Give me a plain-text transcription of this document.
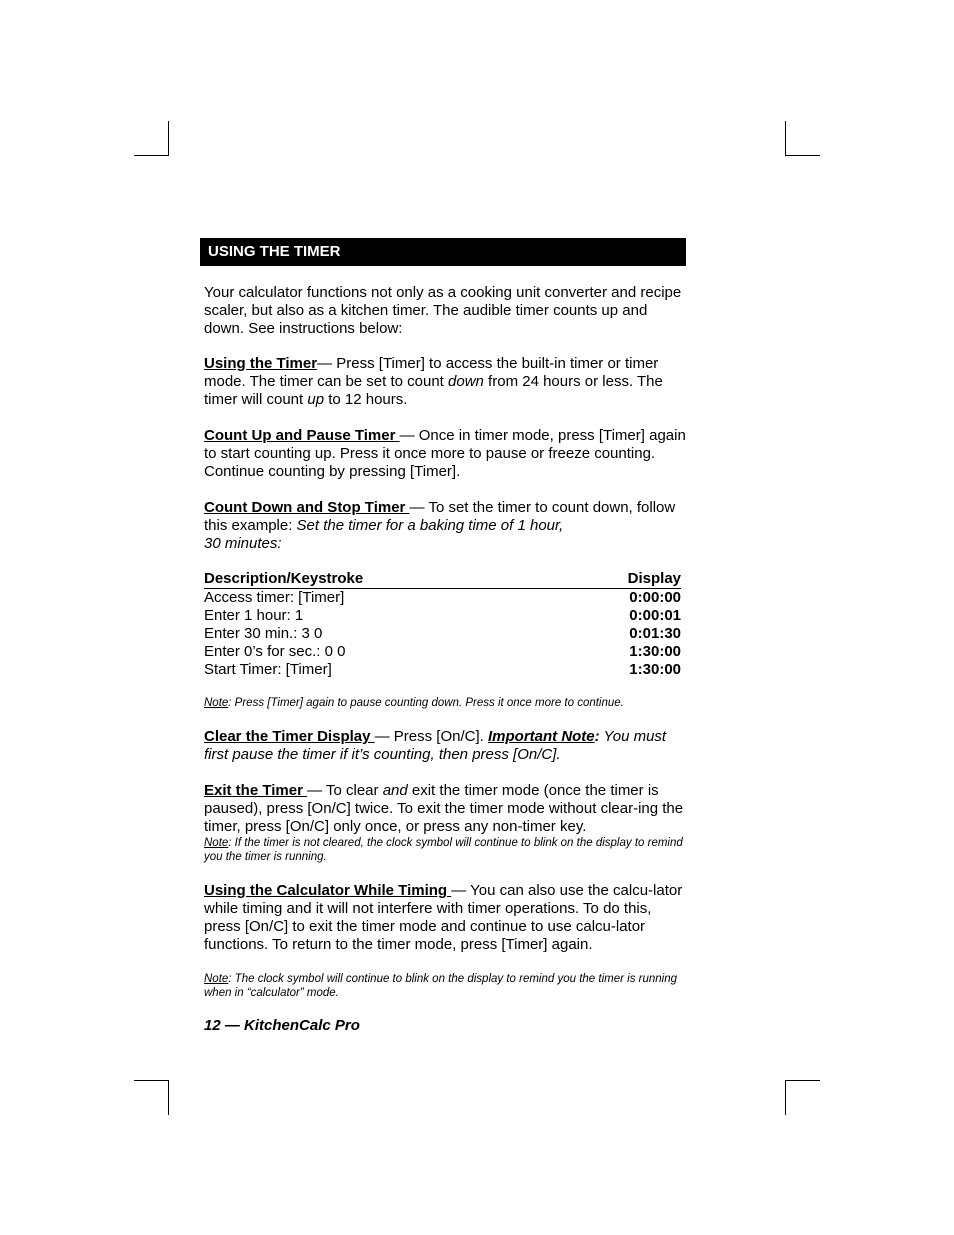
USING THE TIMER
Your calculator functions not only as a cooking unit converter and recipe scaler, but also as a kitchen timer. The audible timer counts up and down. See instructions below:
Using the Timer— Press [Timer] to access the built-in timer or timer mode. The timer can be set to count down from 24 hours or less. The timer will count up to 12 hours.
Count Up and Pause Timer — Once in timer mode, press [Timer] again to start counting up. Press it once more to pause or freeze counting. Continue counting by pressing [Timer].
Count Down and Stop Timer — To set the timer to count down, follow this example: Set the timer for a baking time of 1 hour,
30 minutes:
Description/Keystroke	Display
Access timer: [Timer]	0:00:00
Enter 1 hour: 1	0:00:01
Enter 30 min.: 3 0	0:01:30
Enter 0’s for sec.: 0 0	1:30:00
Start Timer: [Timer]	1:30:00
Note: Press [Timer] again to pause counting down. Press it once more to continue.
Clear the Timer Display — Press [On/C]. Important Note: You must first pause the timer if it’s counting, then press [On/C].
Exit the Timer — To clear and exit the timer mode (once the timer is paused), press [On/C] twice. To exit the timer mode without clear-ing the timer, press [On/C] only once, or press any non-timer key.
Note: If the timer is not cleared, the clock symbol will continue to blink on the display to remind you the timer is running.
Using the Calculator While Timing — You can also use the calcu-lator while timing and it will not interfere with timer operations. To do this, press [On/C] to exit the timer mode and continue to use calcu-lator functions. To return to the timer mode, press [Timer] again.
Note: The clock symbol will continue to blink on the display to remind you the timer is running when in “calculator” mode.
12 — KitchenCalc Pro
